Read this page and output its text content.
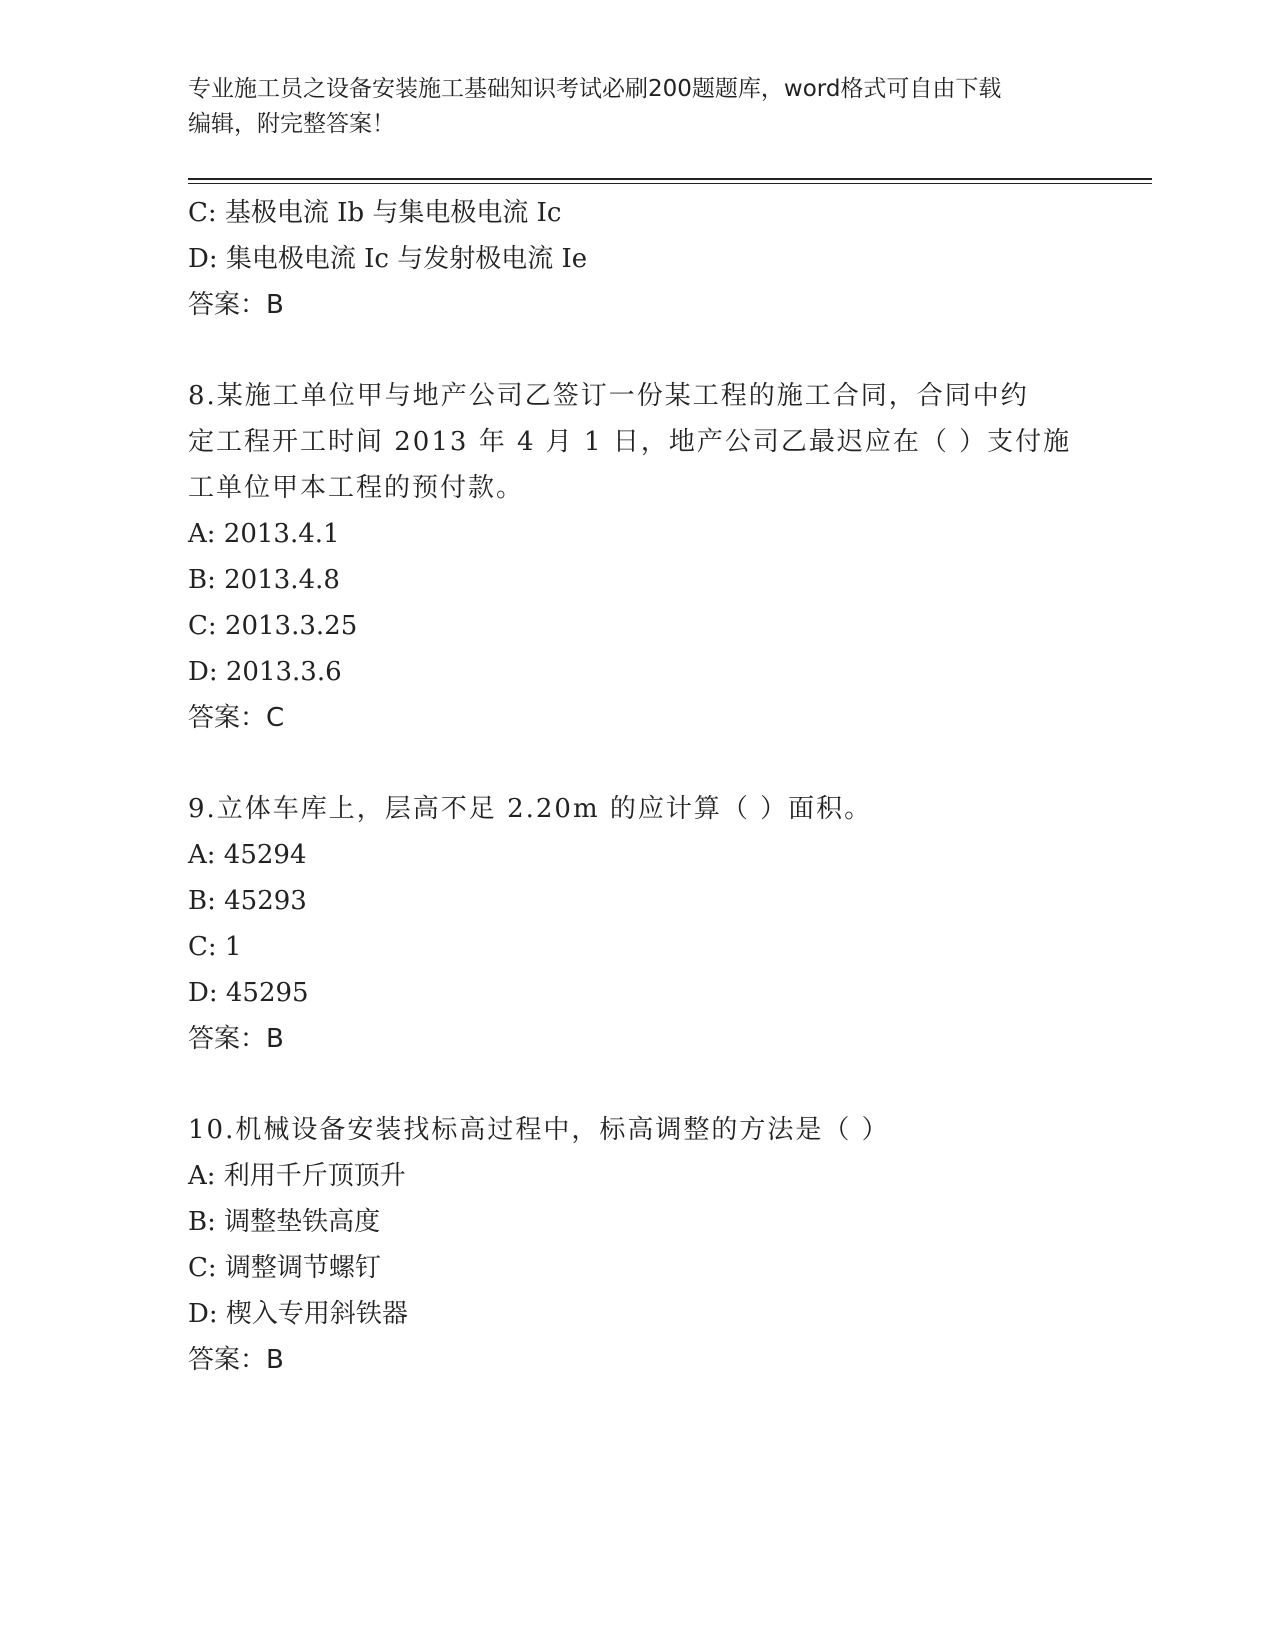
专业施工员之设备安装施工基础知识考试必刷200题题库，word格式可自由下载
编辑，附完整答案！
C: 基极电流 Ib 与集电极电流 Ic
D: 集电极电流 Ic 与发射极电流 Ie
答案：B
8.某施工单位甲与地产公司乙签订一份某工程的施工合同，合同中约
定工程开工时间 2013 年 4 月 1 日，地产公司乙最迟应在（ ）支付施
工单位甲本工程的预付款。
A: 2013.4.1
B: 2013.4.8
C: 2013.3.25
D: 2013.3.6
答案：C
9.立体车库上，层高不足 2.20m 的应计算（ ）面积。
A: 45294
B: 45293
C: 1
D: 45295
答案：B
10.机械设备安装找标高过程中，标高调整的方法是（ ）
A: 利用千斤顶顶升
B: 调整垫铁高度
C: 调整调节螺钉
D: 楔入专用斜铁器
答案：B
